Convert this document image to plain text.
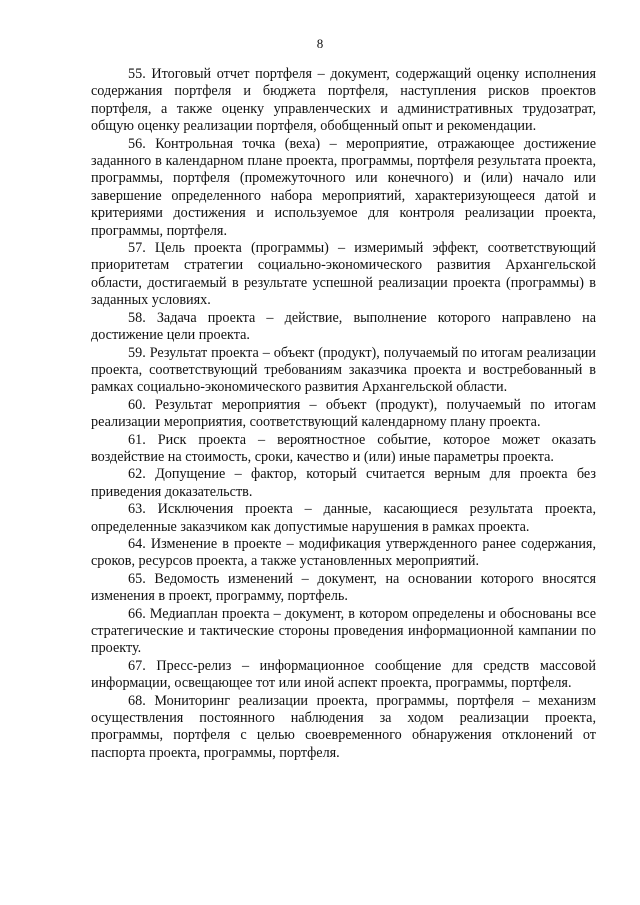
8

55. Итоговый отчет портфеля – документ, содержащий оценку исполнения содержания портфеля и бюджета портфеля, наступления рисков проектов портфеля, а также оценку управленческих и административных трудозатрат, общую оценку реализации портфеля, обобщенный опыт и рекомендации.

56. Контрольная точка (веха) – мероприятие, отражающее достижение заданного в календарном плане проекта, программы, портфеля результата проекта, программы, портфеля (промежуточного или конечного) и (или) начало или завершение определенного набора мероприятий, характеризующееся датой и критериями достижения и используемое для контроля реализации проекта, программы, портфеля.

57. Цель проекта (программы) – измеримый эффект, соответствующий приоритетам стратегии социально-экономического развития Архангельской области, достигаемый в результате успешной реализации проекта (программы) в заданных условиях.

58. Задача проекта – действие, выполнение которого направлено на достижение цели проекта.

59. Результат проекта – объект (продукт), получаемый по итогам реализации проекта, соответствующий требованиям заказчика проекта и востребованный в рамках социально-экономического развития Архангельской области.

60. Результат мероприятия – объект (продукт), получаемый по итогам реализации мероприятия, соответствующий календарному плану проекта.

61. Риск проекта – вероятностное событие, которое может оказать воздействие на стоимость, сроки, качество и (или) иные параметры проекта.

62. Допущение – фактор, который считается верным для проекта без приведения доказательств.

63. Исключения проекта – данные, касающиеся результата проекта, определенные заказчиком как допустимые нарушения в рамках проекта.

64. Изменение в проекте – модификация утвержденного ранее содержания, сроков, ресурсов проекта, а также установленных мероприятий.

65. Ведомость изменений – документ, на основании которого вносятся изменения в проект, программу, портфель.

66. Медиаплан проекта – документ, в котором определены и обоснованы все стратегические и тактические стороны проведения информационной кампании по проекту.

67. Пресс-релиз – информационное сообщение для средств массовой информации, освещающее тот или иной аспект проекта, программы, портфеля.

68. Мониторинг реализации проекта, программы, портфеля – механизм осуществления постоянного наблюдения за ходом реализации проекта, программы, портфеля с целью своевременного обнаружения отклонений от паспорта проекта, программы, портфеля.
